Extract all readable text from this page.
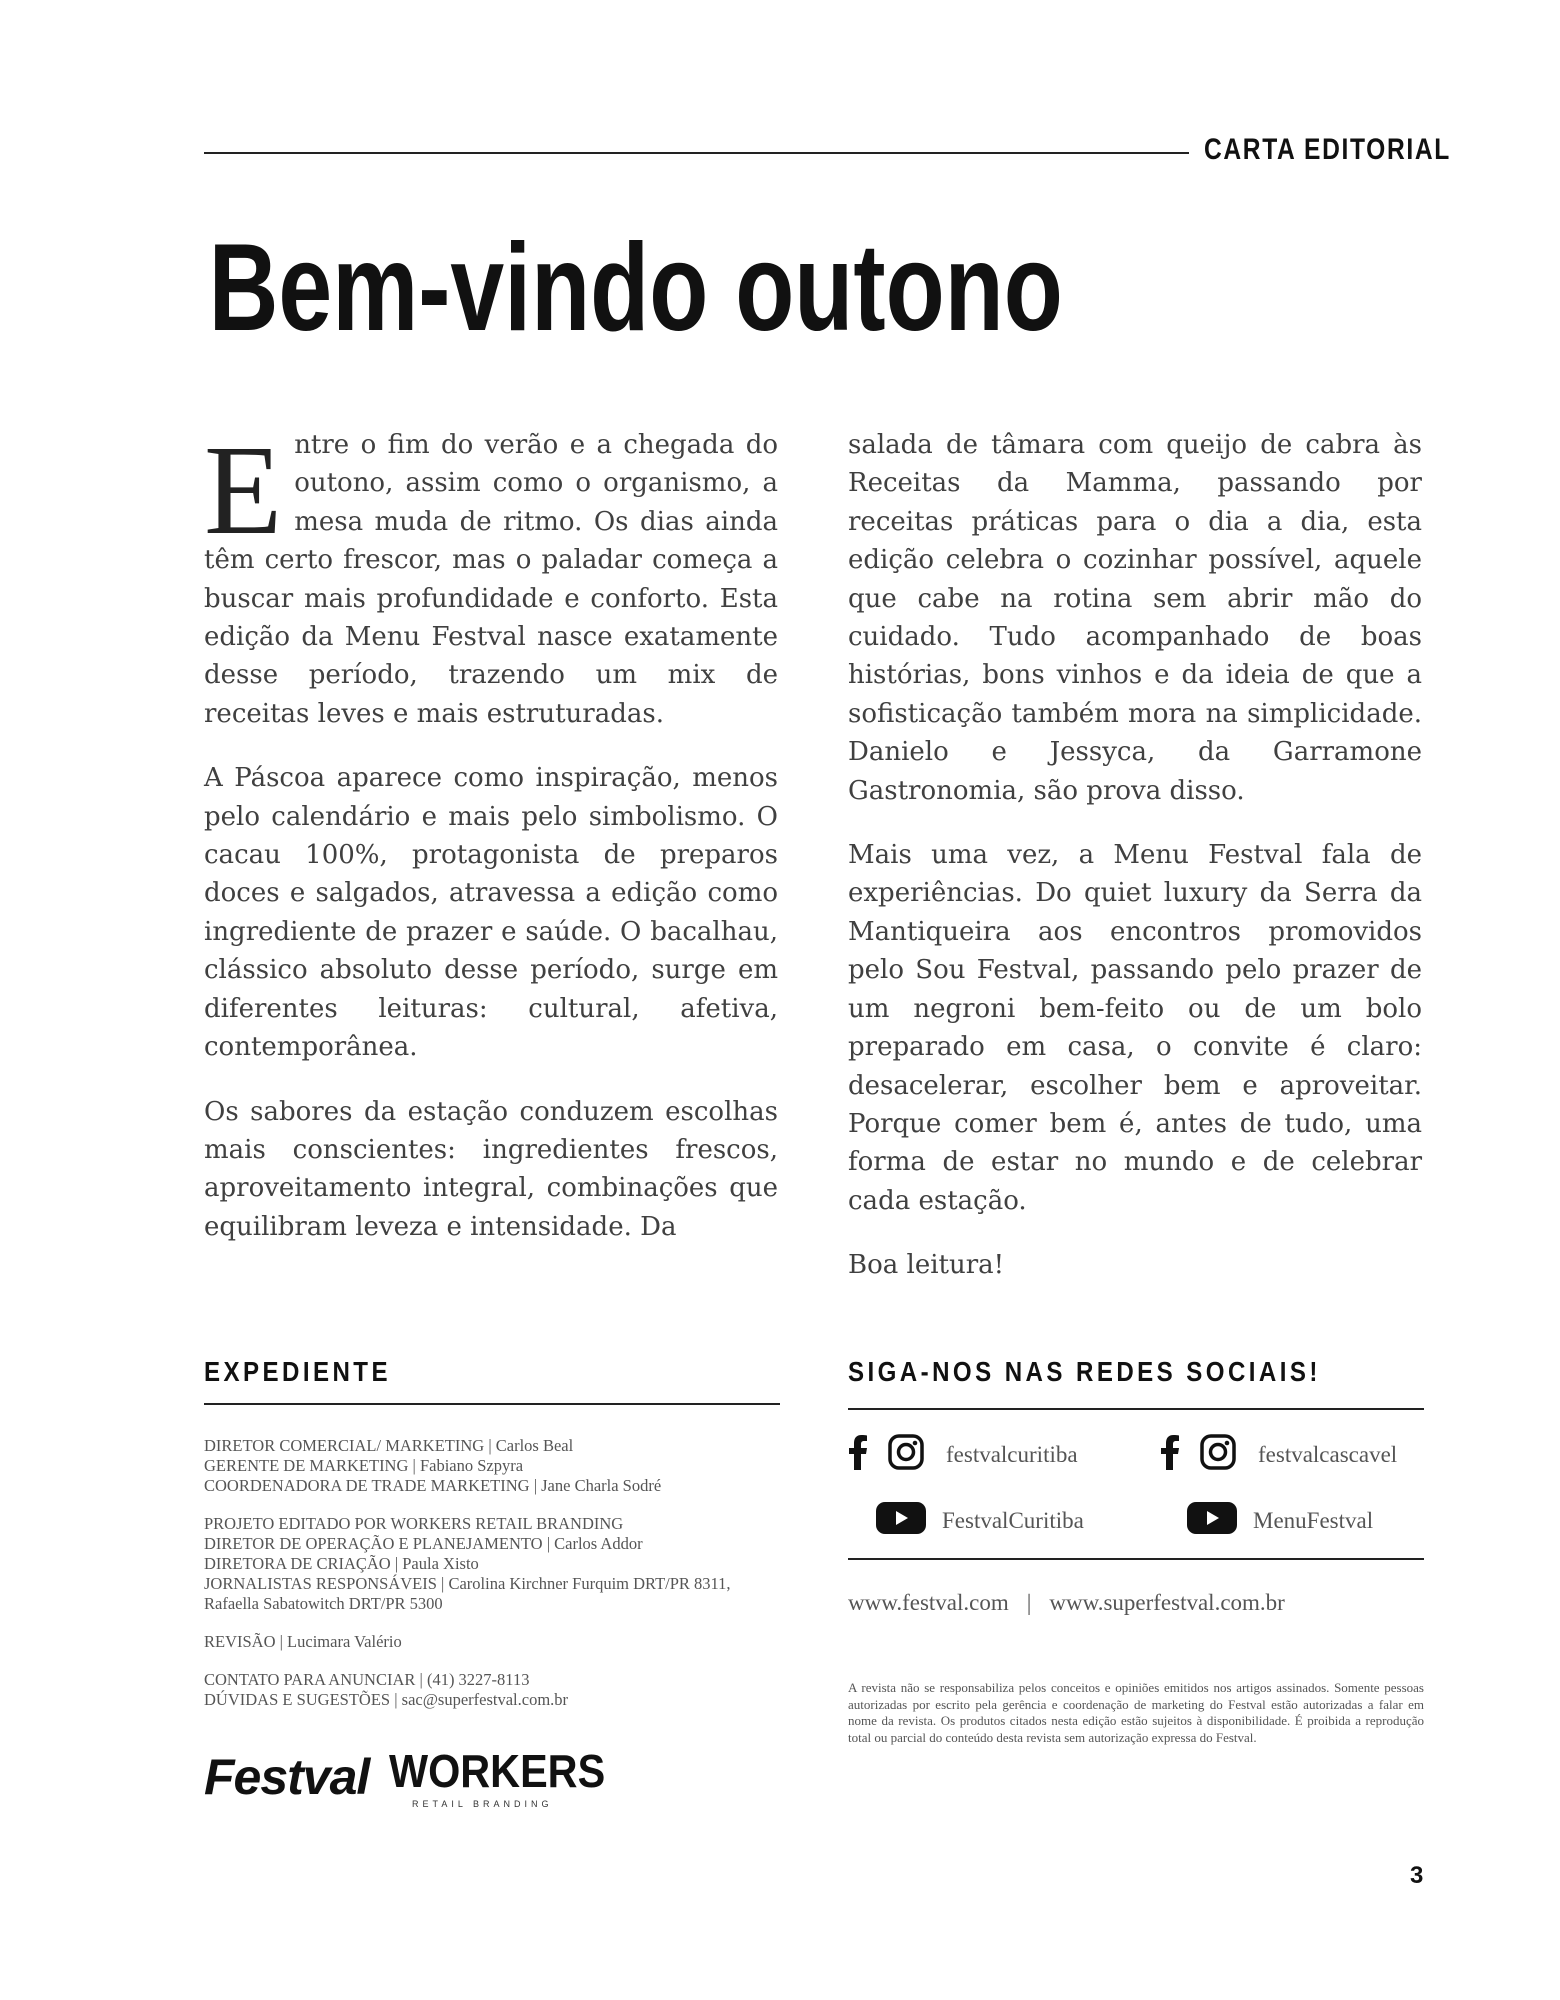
CARTA EDITORIAL
Bem-vindo outono

Entre o fim do verão e a chegada do outono, assim como o organismo, a mesa muda de ritmo. Os dias ainda têm certo frescor, mas o paladar começa a buscar mais profundidade e conforto. Esta edição da Menu Festval nasce exatamente desse período, trazendo um mix de receitas leves e mais estruturadas.

A Páscoa aparece como inspiração, menos pelo calendário e mais pelo simbolismo. O cacau 100%, protagonista de preparos doces e salgados, atravessa a edição como ingrediente de prazer e saúde. O bacalhau, clássico absoluto desse período, surge em diferentes leituras: cultural, afetiva, contemporânea.

Os sabores da estação conduzem escolhas mais conscientes: ingredientes frescos, aproveitamento integral, combinações que equilibram leveza e intensidade. Da

salada de tâmara com queijo de cabra às Receitas da Mamma, passando por receitas práticas para o dia a dia, esta edição celebra o cozinhar possível, aquele que cabe na rotina sem abrir mão do cuidado. Tudo acompanhado de boas histórias, bons vinhos e da ideia de que a sofisticação também mora na simplicidade. Danielo e Jessyca, da Garramone Gastronomia, são prova disso.

Mais uma vez, a Menu Festval fala de experiências. Do quiet luxury da Serra da Mantiqueira aos encontros promovidos pelo Sou Festval, passando pelo prazer de um negroni bem-feito ou de um bolo preparado em casa, o convite é claro: desacelerar, escolher bem e aproveitar. Porque comer bem é, antes de tudo, uma forma de estar no mundo e de celebrar cada estação.

Boa leitura!

EXPEDIENTE
DIRETOR COMERCIAL/ MARKETING | Carlos Beal
GERENTE DE MARKETING | Fabiano Szpyra
COORDENADORA DE TRADE MARKETING | Jane Charla Sodré
PROJETO EDITADO POR WORKERS RETAIL BRANDING
DIRETOR DE OPERAÇÃO E PLANEJAMENTO | Carlos Addor
DIRETORA DE CRIAÇÃO | Paula Xisto
JORNALISTAS RESPONSÁVEIS | Carolina Kirchner Furquim DRT/PR 8311,
Rafaella Sabatowitch DRT/PR 5300
REVISÃO | Lucimara Valério
CONTATO PARA ANUNCIAR | (41) 3227-8113
DÚVIDAS E SUGESTÕES | sac@superfestval.com.br
Festval WORKERS
RETAIL BRANDING
SIGA-NOS NAS REDES SOCIAIS!
festvalcuritiba	festvalcascavel
FestvalCuritiba	MenuFestval
www.festval.com | www.superfestval.com.br
A revista não se responsabiliza pelos conceitos e opiniões emitidos nos artigos assinados. Somente pessoas autorizadas por escrito pela gerência e coordenação de marketing do Festval estão autorizadas a falar em nome da revista. Os produtos citados nesta edição estão sujeitos à disponibilidade. É proibida a reprodução total ou parcial do conteúdo desta revista sem autorização expressa do Festval.
3
